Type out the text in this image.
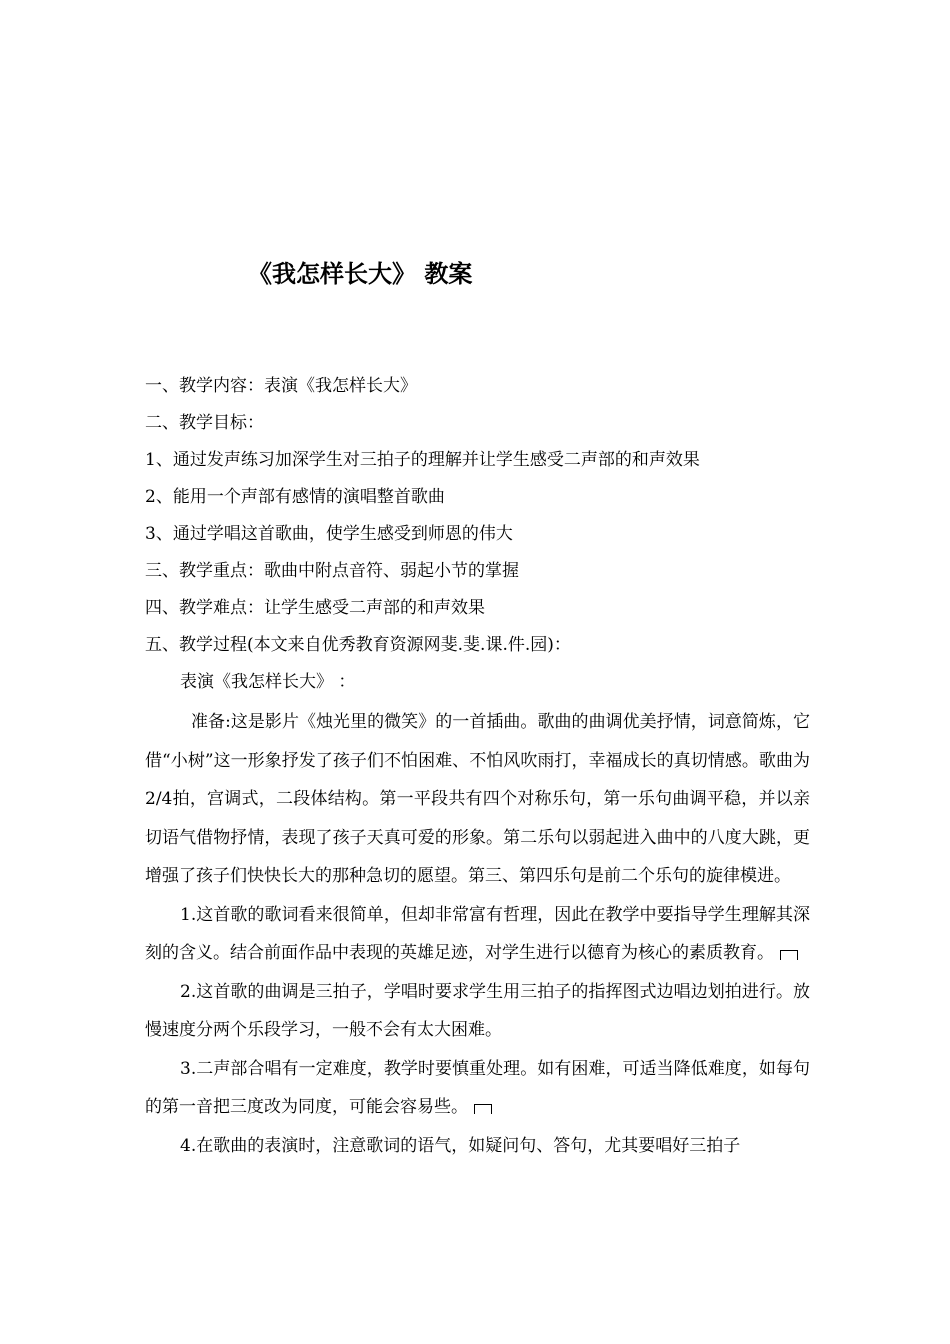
《我怎样长大》 教案
一、教学内容：表演《我怎样长大》
二、教学目标：
1、通过发声练习加深学生对三拍子的理解并让学生感受二声部的和声效果
2、能用一个声部有感情的演唱整首歌曲
3、通过学唱这首歌曲，使学生感受到师恩的伟大
三、教学重点：歌曲中附点音符、弱起小节的掌握
四、教学难点：让学生感受二声部的和声效果
五、教学过程(本文来自优秀教育资源网斐.斐.课.件.园)：
表演《我怎样长大》 ：

准备:这是影片《烛光里的微笑》的一首插曲。歌曲的曲调优美抒情，词意简炼，它借“小树”这一形象抒发了孩子们不怕困难、不怕风吹雨打，幸福成长的真切情感。歌曲为2/4拍，宫调式，二段体结构。第一平段共有四个对称乐句，第一乐句曲调平稳，并以亲切语气借物抒情，表现了孩子天真可爱的形象。第二乐句以弱起进入曲中的八度大跳，更增强了孩子们快快长大的那种急切的愿望。第三、第四乐句是前二个乐句的旋律模进。

1.这首歌的歌词看来很简单，但却非常富有哲理，因此在教学中要指导学生理解其深刻的含义。结合前面作品中表现的英雄足迹，对学生进行以德育为核心的素质教育。

2.这首歌的曲调是三拍子，学唱时要求学生用三拍子的指挥图式边唱边划拍进行。放慢速度分两个乐段学习，一般不会有太大困难。

3.二声部合唱有一定难度，教学时要慎重处理。如有困难，可适当降低难度，如每句的第一音把三度改为同度，可能会容易些。

4.在歌曲的表演时，注意歌词的语气，如疑问句、答句，尤其要唱好三拍子
